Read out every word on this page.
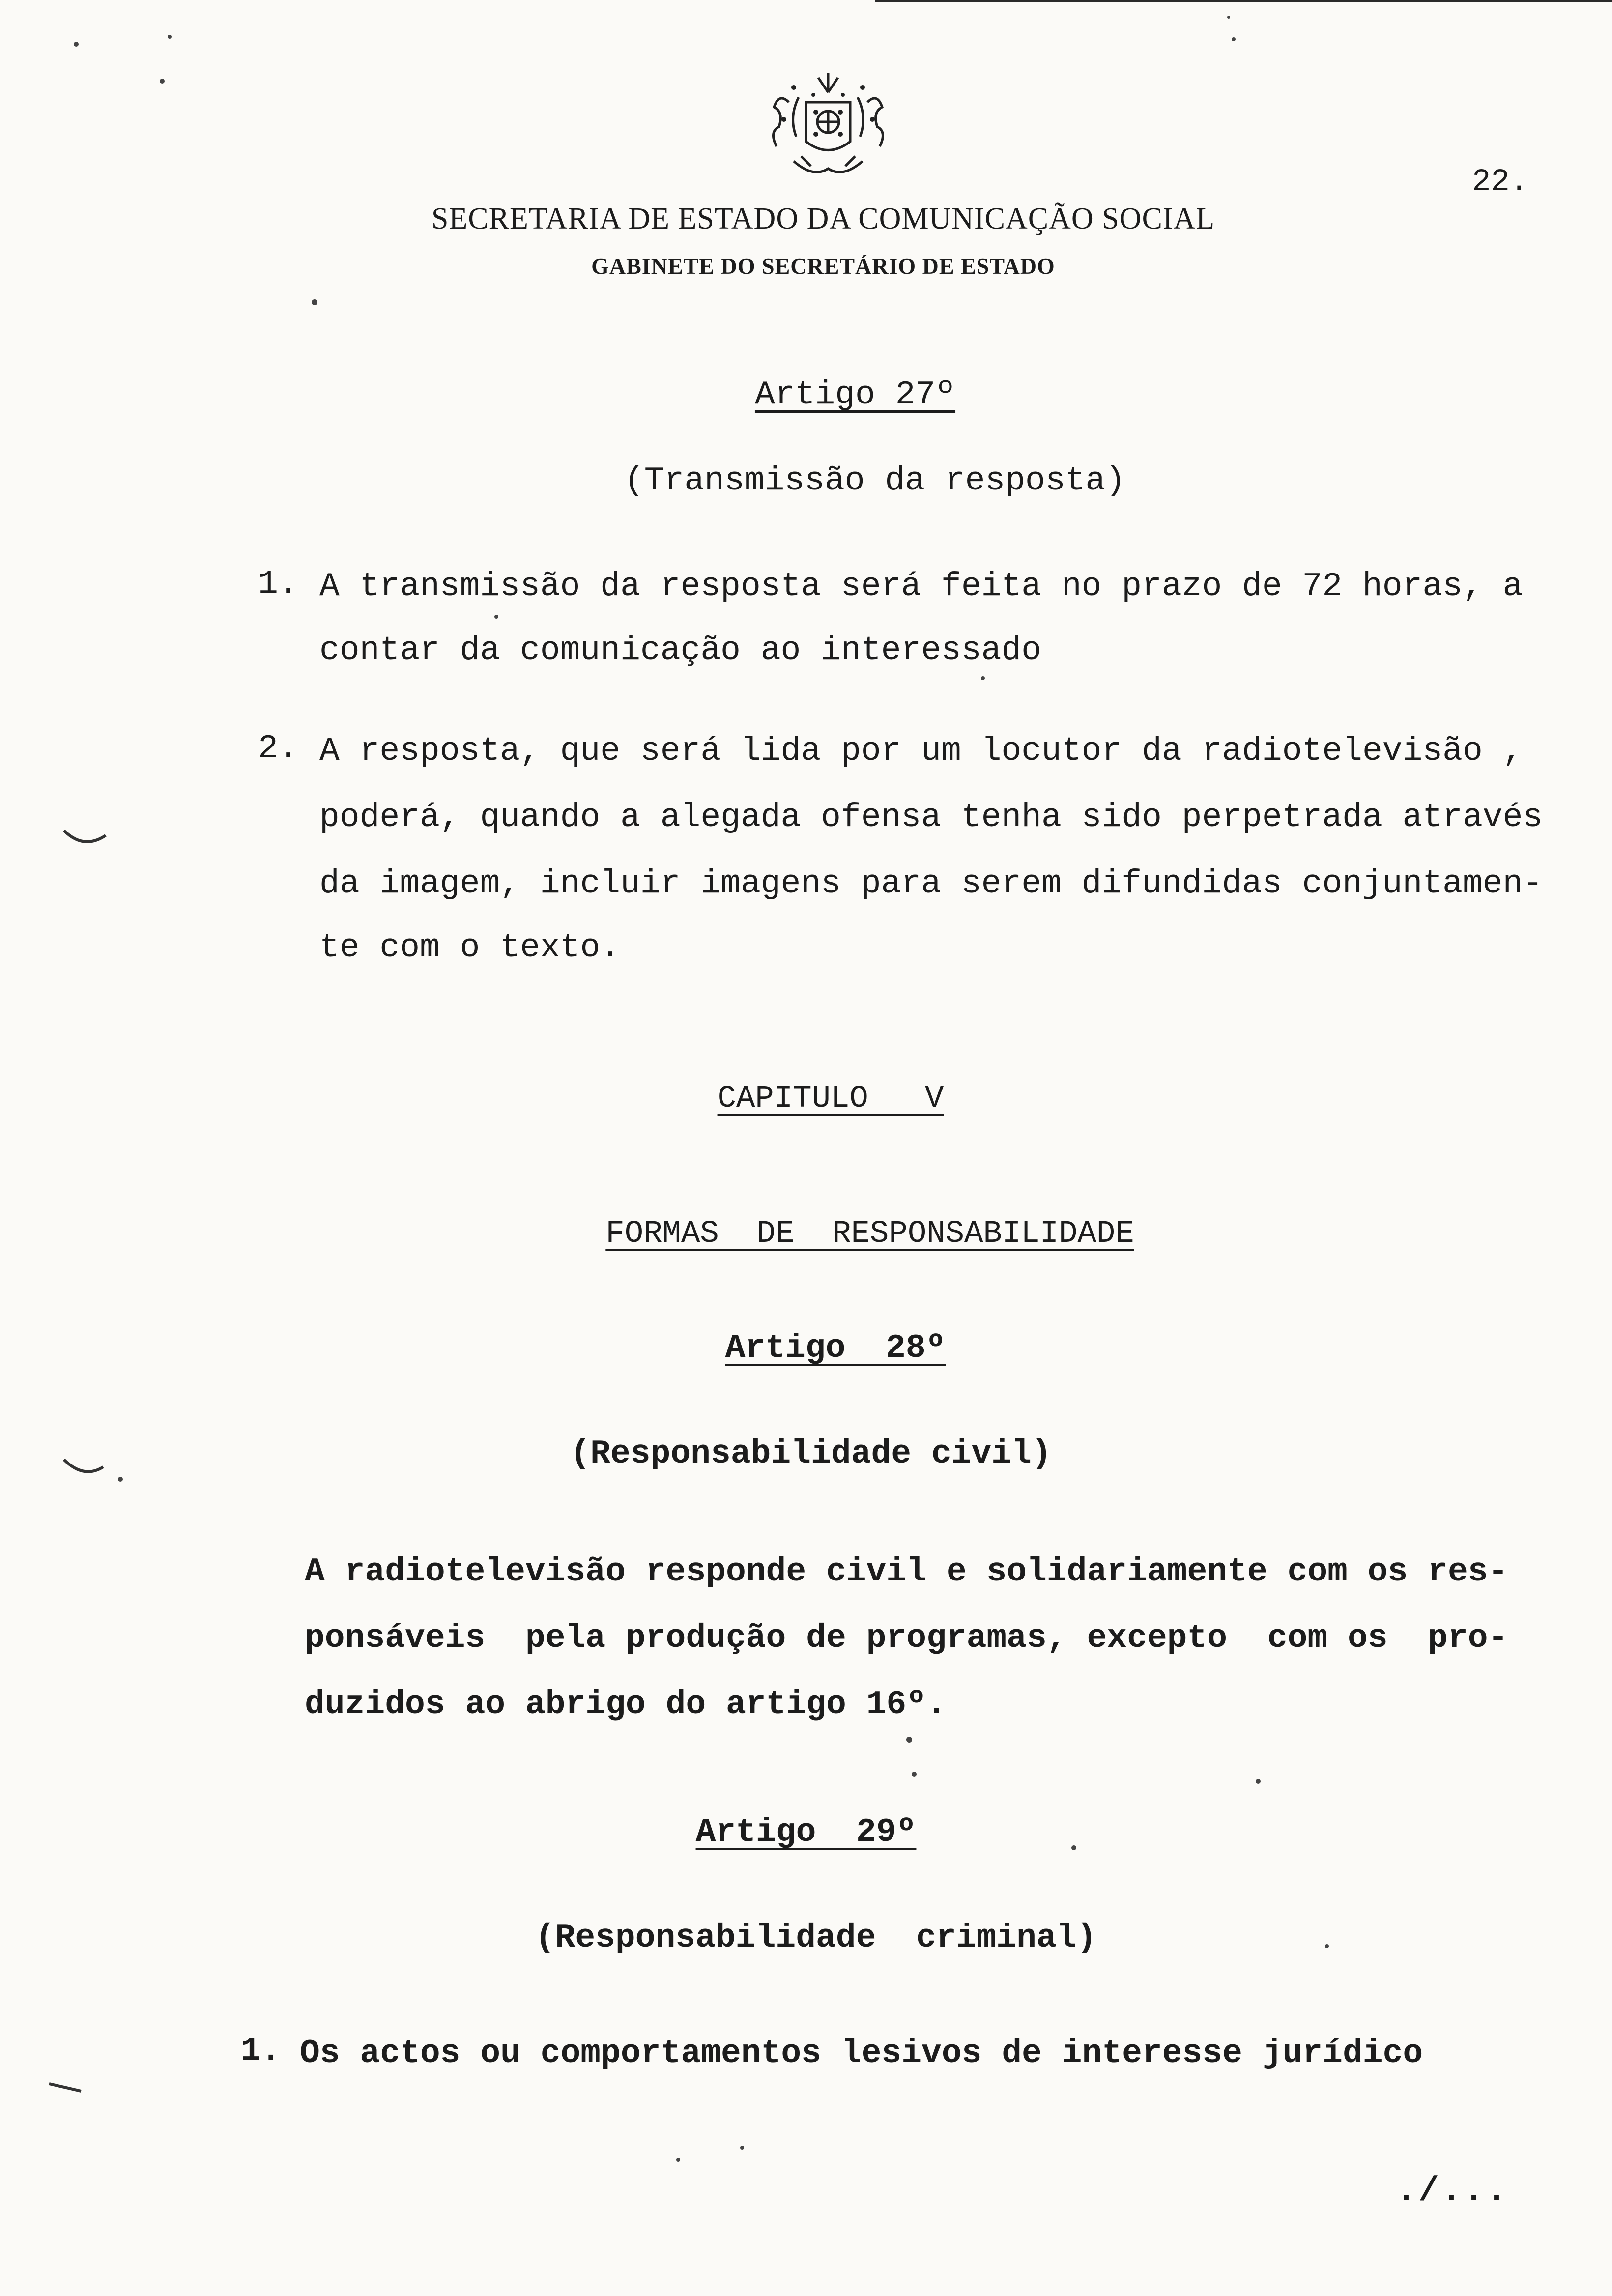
SECRETARIA DE ESTADO DA COMUNICAÇÃO SOCIAL
GABINETE DO SECRETÁRIO DE ESTADO
22.
Artigo 27º
(Transmissão da resposta)
1. A transmissão da resposta será feita no prazo de 72 horas, a
contar da comunicação ao interessado
2. A resposta, que será lida por um locutor da radiotelevisão ,
poderá, quando a alegada ofensa tenha sido perpetrada através
da imagem, incluir imagens para serem difundidas conjuntamen-
te com o texto.
CAPITULO   V
FORMAS  DE  RESPONSABILIDADE
Artigo  28º
(Responsabilidade civil)
A radiotelevisão responde civil e solidariamente com os res-
ponsáveis  pela produção de programas, excepto  com os  pro-
duzidos ao abrigo do artigo 16º.
Artigo  29º
(Responsabilidade  criminal)
1. Os actos ou comportamentos lesivos de interesse jurídico
./...
